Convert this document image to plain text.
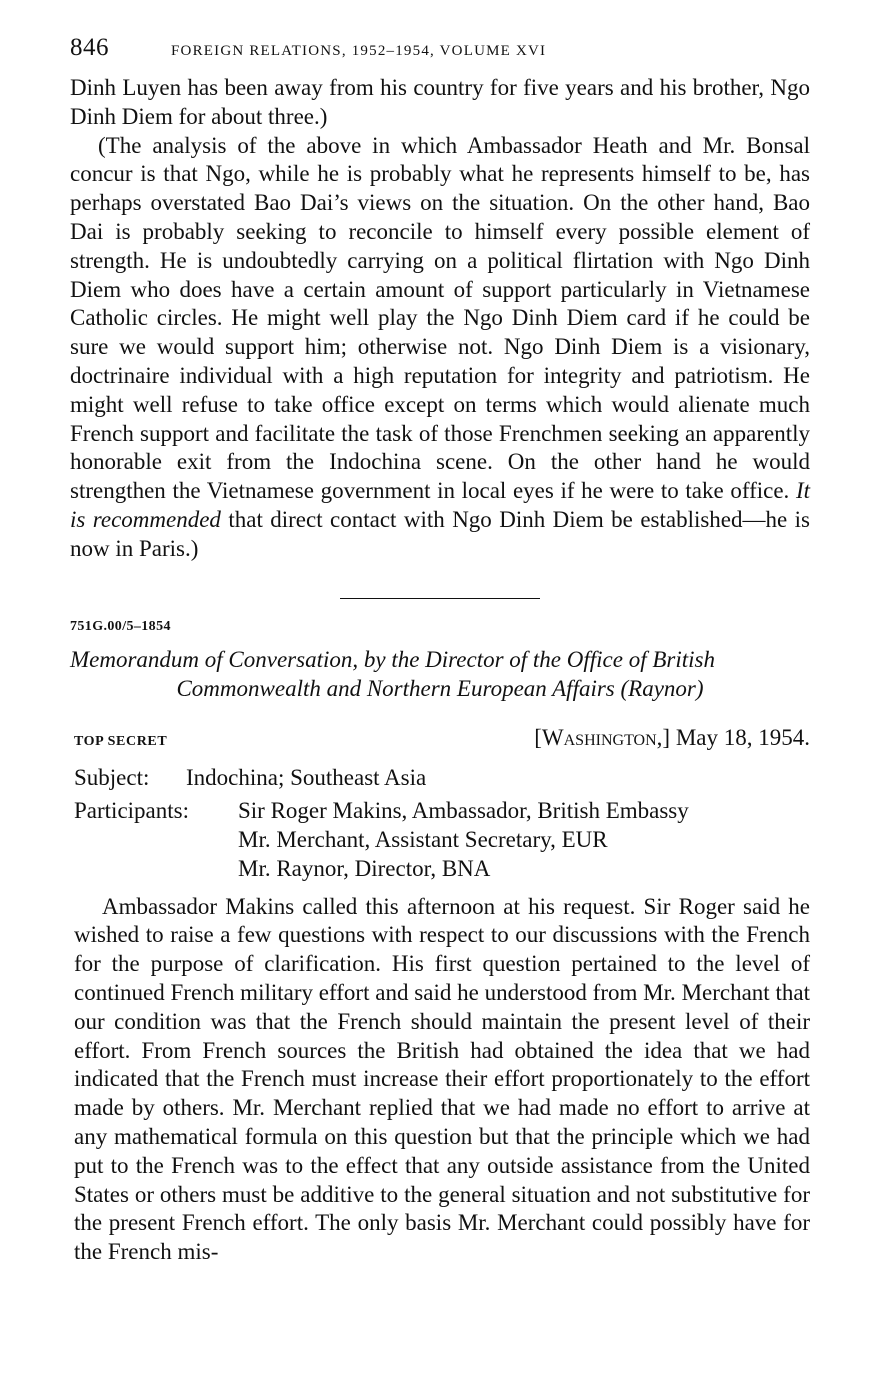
846	FOREIGN RELATIONS, 1952–1954, VOLUME XVI

Dinh Luyen has been away from his country for five years and his brother, Ngo Dinh Diem for about three.)

(The analysis of the above in which Ambassador Heath and Mr. Bonsal concur is that Ngo, while he is probably what he represents himself to be, has perhaps overstated Bao Dai’s views on the situation. On the other hand, Bao Dai is probably seeking to reconcile to himself every possible element of strength. He is undoubtedly carrying on a political flirtation with Ngo Dinh Diem who does have a certain amount of support particularly in Vietnamese Catholic circles. He might well play the Ngo Dinh Diem card if he could be sure we would support him; otherwise not. Ngo Dinh Diem is a visionary, doctrinaire individual with a high reputation for integrity and patriotism. He might well refuse to take office except on terms which would alienate much French support and facilitate the task of those Frenchmen seeking an apparently honorable exit from the Indochina scene. On the other hand he would strengthen the Vietnamese government in local eyes if he were to take office. It is recommended that direct contact with Ngo Dinh Diem be established—he is now in Paris.)

751G.00/5–1854

Memorandum of Conversation, by the Director of the Office of British
Commonwealth and Northern European Affairs (Raynor)

TOP SECRET	[Washington,] May 18, 1954.
Subject:	Indochina; Southeast Asia
Participants:	Sir Roger Makins, Ambassador, British Embassy
Mr. Merchant, Assistant Secretary, EUR
Mr. Raynor, Director, BNA

Ambassador Makins called this afternoon at his request. Sir Roger said he wished to raise a few questions with respect to our discussions with the French for the purpose of clarification. His first question pertained to the level of continued French military effort and said he understood from Mr. Merchant that our condition was that the French should maintain the present level of their effort. From French sources the British had obtained the idea that we had indicated that the French must increase their effort proportionately to the effort made by others. Mr. Merchant replied that we had made no effort to arrive at any mathematical formula on this question but that the principle which we had put to the French was to the effect that any outside assistance from the United States or others must be additive to the general situation and not substitutive for the present French effort. The only basis Mr. Merchant could possibly have for the French mis-
